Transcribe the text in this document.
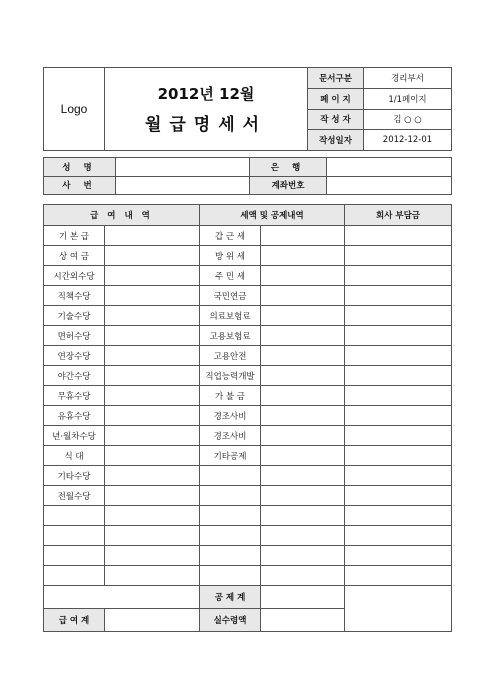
Logo	2012년 12월
월급명세서	문서구분	경리부서
		페 이 지	1/1페이지
		작 성 자	김 ○ ○
		작성일자	2012-12-01
성 명		은 행	
사 번		계좌번호	
급 여 내 역		세액 및 공제내역		회사 부담금
기 본 급		갑 근 세		
상 여 금		방 위 세		
시간외수당		주 민 세		
직책수당		국민연금		
기술수당		의료보험료		
면허수당		고용보험료		
연장수당		고용안전		
야간수당		직업능력개발		
무휴수당		가 불 금		
유휴수당		경조사비		
년·월차수당		경조사비		
식 대		기타공제		
기타수당				
전월수당				

		공 제 계		
급 여 계		실수령액		
